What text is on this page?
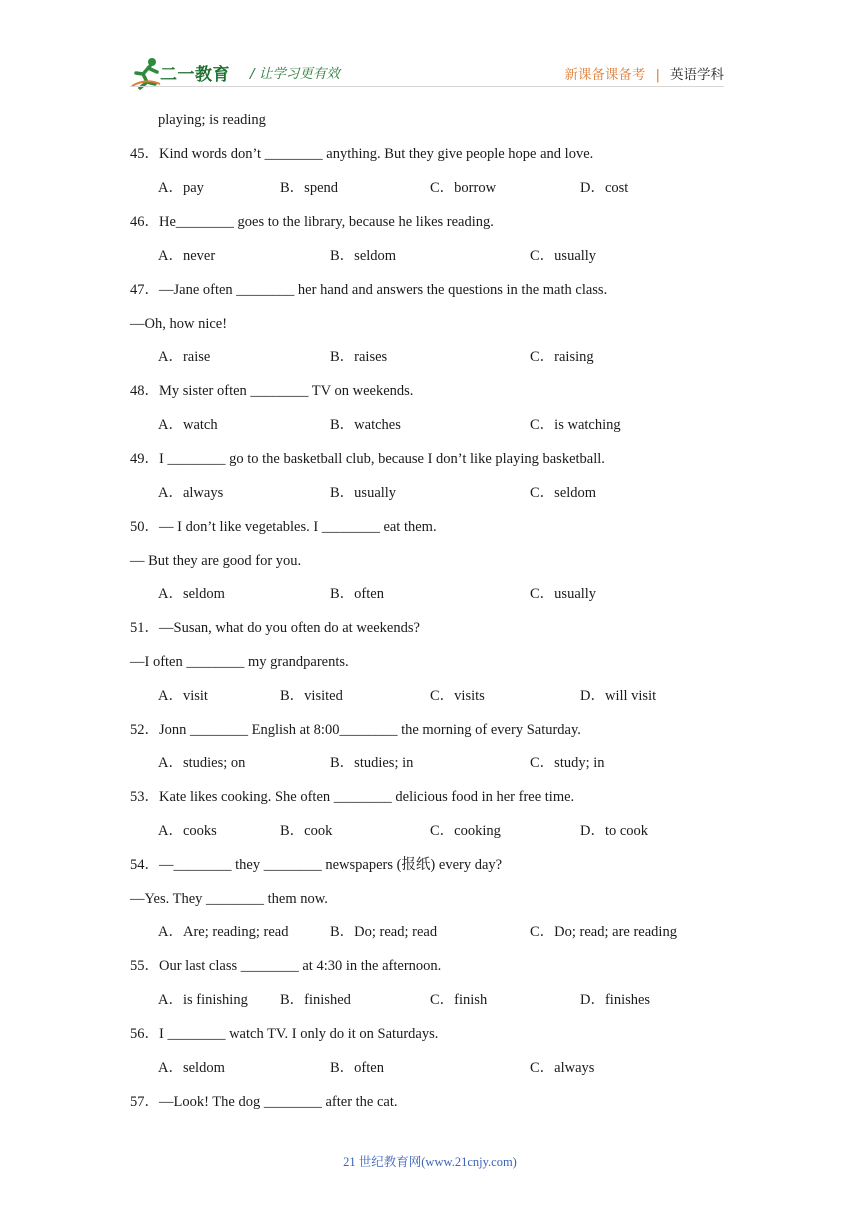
二一教育 / 让学习更有效	新课备课备考 | 英语学科
playing; is reading
45．Kind words don’t ________ anything. But they give people hope and love.
46．He________ goes to the library, because he likes reading.
47．—Jane often ________ her hand and answers the questions in the math class.
—Oh, how nice!
48．My sister often ________ TV on weekends.
49．I ________ go to the basketball club, because I don’t like playing basketball.
50．— I don’t like vegetables. I ________ eat them.
— But they are good for you.
51．—Susan, what do you often do at weekends?
—I often ________ my grandparents.
52．Jonn ________ English at 8:00________ the morning of every Saturday.
53．Kate likes cooking. She often ________ delicious food in her free time.
54．—________ they ________ newspapers (报纸) every day?
—Yes. They ________ them now.
55．Our last class ________ at 4:30 in the afternoon.
56．I ________ watch TV. I only do it on Saturdays.
57．—Look! The dog ________ after the cat.
A．pay	B．spend	C．borrow	D．cost
A．never	B．seldom	C．usually
A．raise	B．raises	C．raising
A．watch	B．watches	C．is watching
A．always	B．usually	C．seldom
A．seldom	B．often	C．usually
A．visit	B．visited	C．visits	D．will visit
A．studies; on	B．studies; in	C．study; in
A．cooks	B．cook	C．cooking	D．to cook
A．Are; reading; read	B．Do; read; read	C．Do; read; are reading
A．is finishing B．finished	C．finish	D．finishes
A．seldom	B．often	C．always
21 世纪教育网(www.21cnjy.com)
